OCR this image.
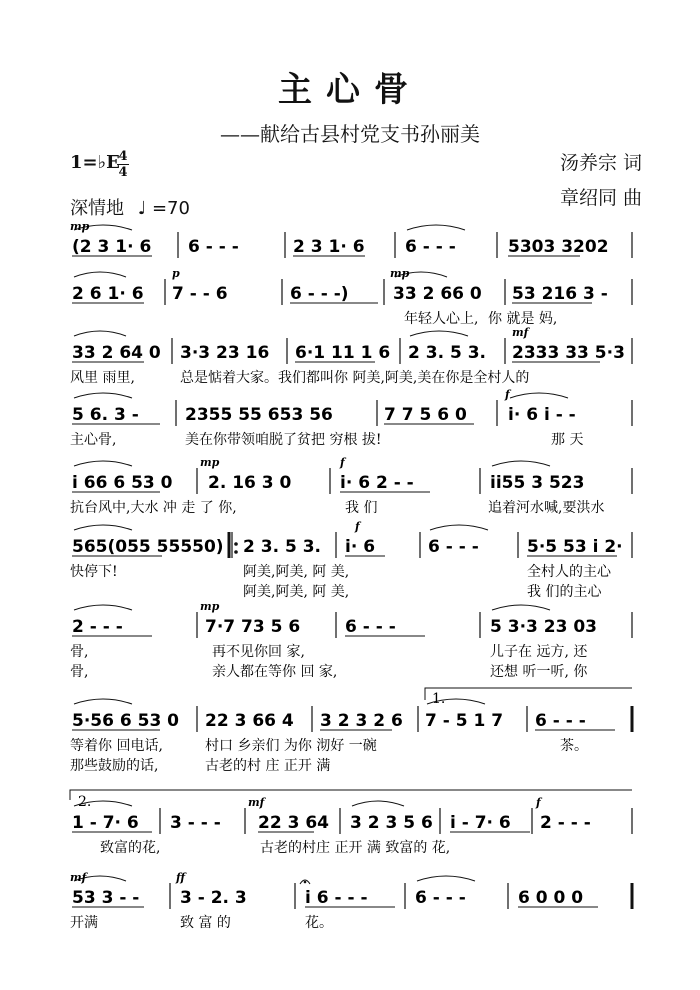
主心骨
——献给古县村党支书孙丽美
1=♭E
4
4
深情地 ♩ =70
汤养宗 词
章绍同 曲
(2 3 1· 6 6 - - -	2 3 1· 6 6 - - -	5303 3202
mp
2 6 1· 6 7 - - 6	6 - - -)	33 2 66 0 53 216 3 -
p	mp
年轻人心上, 你 就是 妈,
33 2 64 0 3·3 23 16 6·1 11 1 6 2 3. 5 3. 2333 33 5·3
mf
风里 雨里,	总是惦着大家。我们都叫你 阿美,阿美,美在你是全村人的
5 6. 3 -	2355 55 653 56	7 7 5 6 0 i· 6 i - -
f
主心骨,	美在你带领咱脱了贫把 穷根 拔!	那 天
i 66 6 53 0 2. 16 3 0	i· 6 2 - -	ii55 3 523
mp	f
抗台风中,大水 冲 走 了 你,	我 们	追着河水喊,要洪水
565(055 55550) 2 3. 5 3. i· 6	6 - - -	5·5 53 i 2·
f
快停下!	阿美,阿美, 阿 美,	全村人的主心
阿美,阿美, 阿 美,	我 们的主心
2 - - -	7·7 73 5 6	6 - - -	5 3·3 23 03
mp
骨,	再不见你回 家,	儿子在 远方, 还
骨,	亲人都在等你 回 家,	还想 听一听, 你
5·56 6 53 0 22 3 66 4 3 2 3 2 6 7 - 5 1 7 6 - - -
等着你 回电话,	村口 乡亲们 为你 沏好 一碗	茶。
那些鼓励的话,	古老的村 庄 正开 满
1 - 7· 6 3 - - - 22 3 64 3 2 3 5 6 i - 7· 6 2 - - -
mf	f
致富的花,	古老的村庄 正开 满 致富的 花,
53 3 - - 3 - 2. 3	i 6 - - -	6 - - -	6 0 0 0
mf	ff
开满	致 富 的	花。
1.
2.
